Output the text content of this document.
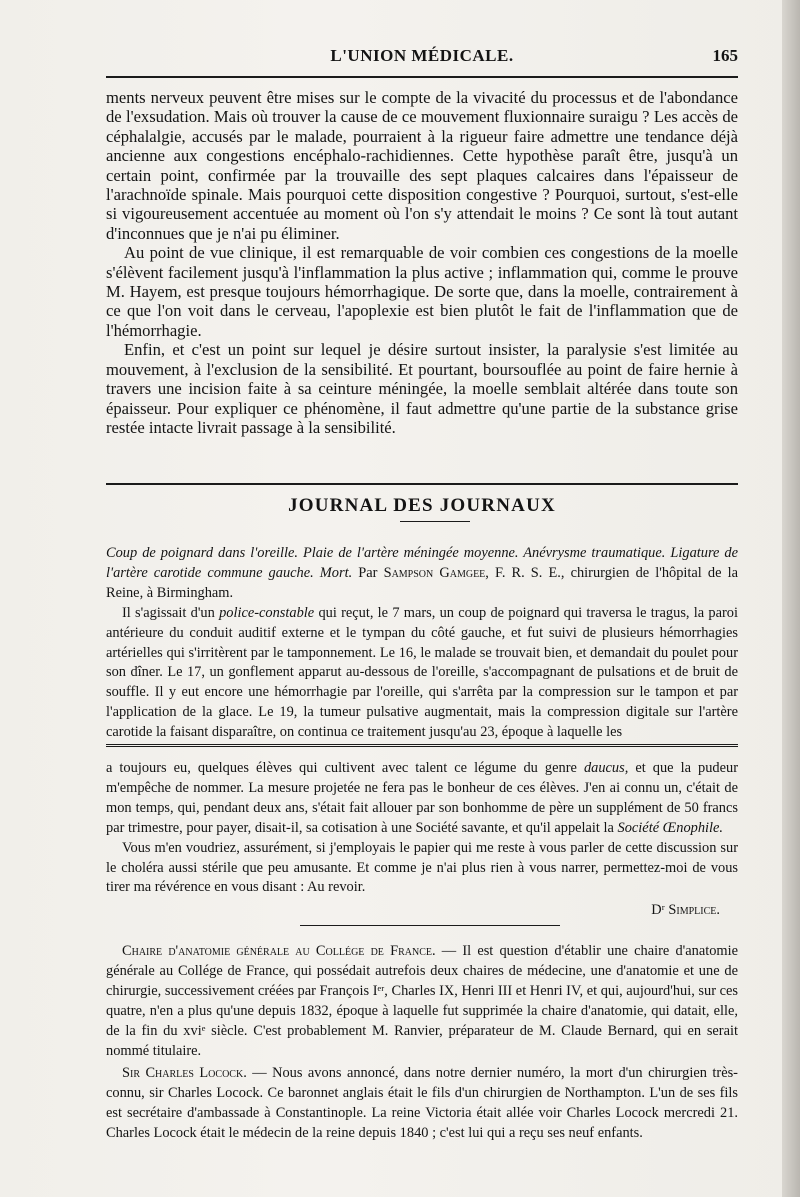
L'UNION MÉDICALE.	165

ments nerveux peuvent être mises sur le compte de la vivacité du processus et de l'abondance de l'exsudation. Mais où trouver la cause de ce mouvement fluxionnaire suraigu ? Les accès de céphalalgie, accusés par le malade, pourraient à la rigueur faire admettre une tendance déjà ancienne aux congestions encéphalo-rachidiennes. Cette hypothèse paraît être, jusqu'à un certain point, confirmée par la trouvaille des sept plaques calcaires dans l'épaisseur de l'arachnoïde spinale. Mais pourquoi cette disposition congestive ? Pourquoi, surtout, s'est-elle si vigoureusement accentuée au moment où l'on s'y attendait le moins ? Ce sont là tout autant d'inconnues que je n'ai pu éliminer.

Au point de vue clinique, il est remarquable de voir combien ces congestions de la moelle s'élèvent facilement jusqu'à l'inflammation la plus active ; inflammation qui, comme le prouve M. Hayem, est presque toujours hémorrhagique. De sorte que, dans la moelle, contrairement à ce que l'on voit dans le cerveau, l'apoplexie est bien plutôt le fait de l'inflammation que de l'hémorrhagie.

Enfin, et c'est un point sur lequel je désire surtout insister, la paralysie s'est limitée au mouvement, à l'exclusion de la sensibilité. Et pourtant, boursouflée au point de faire hernie à travers une incision faite à sa ceinture méningée, la moelle semblait altérée dans toute son épaisseur. Pour expliquer ce phénomène, il faut admettre qu'une partie de la substance grise restée intacte livrait passage à la sensibilité.

JOURNAL DES JOURNAUX

Coup de poignard dans l'oreille. Plaie de l'artère méningée moyenne. Anévrysme traumatique. Ligature de l'artère carotide commune gauche. Mort. Par Sampson Gamgee, F. R. S. E., chirurgien de l'hôpital de la Reine, à Birmingham.

Il s'agissait d'un police-constable qui reçut, le 7 mars, un coup de poignard qui traversa le tragus, la paroi antérieure du conduit auditif externe et le tympan du côté gauche, et fut suivi de plusieurs hémorrhagies artérielles qui s'irritèrent par le tamponnement. Le 16, le malade se trouvait bien, et demandait du poulet pour son dîner. Le 17, un gonflement apparut au-dessous de l'oreille, s'accompagnant de pulsations et de bruit de souffle. Il y eut encore une hémorrhagie par l'oreille, qui s'arrêta par la compression sur le tampon et par l'application de la glace. Le 19, la tumeur pulsative augmentait, mais la compression digitale sur l'artère carotide la faisant disparaître, on continua ce traitement jusqu'au 23, époque à laquelle les

a toujours eu, quelques élèves qui cultivent avec talent ce légume du genre daucus, et que la pudeur m'empêche de nommer. La mesure projetée ne fera pas le bonheur de ces élèves. J'en ai connu un, c'était de mon temps, qui, pendant deux ans, s'était fait allouer par son bonhomme de père un supplément de 50 francs par trimestre, pour payer, disait-il, sa cotisation à une Société savante, et qu'il appelait la Société Œnophile.

Vous m'en voudriez, assurément, si j'employais le papier qui me reste à vous parler de cette discussion sur le choléra aussi stérile que peu amusante. Et comme je n'ai plus rien à vous narrer, permettez-moi de vous tirer ma révérence en vous disant : Au revoir.

Dʳ Simplice.

Chaire d'anatomie générale au Collége de France. — Il est question d'établir une chaire d'anatomie générale au Collége de France, qui possédait autrefois deux chaires de médecine, une d'anatomie et une de chirurgie, successivement créées par François Iᵉʳ, Charles IX, Henri III et Henri IV, et qui, aujourd'hui, sur ces quatre, n'en a plus qu'une depuis 1832, époque à laquelle fut supprimée la chaire d'anatomie, qui datait, elle, de la fin du xviᵉ siècle. C'est probablement M. Ranvier, préparateur de M. Claude Bernard, qui en serait nommé titulaire.

Sir Charles Locock. — Nous avons annoncé, dans notre dernier numéro, la mort d'un chirurgien très-connu, sir Charles Locock. Ce baronnet anglais était le fils d'un chirurgien de Northampton. L'un de ses fils est secrétaire d'ambassade à Constantinople. La reine Victoria était allée voir Charles Locock mercredi 21. Charles Locock était le médecin de la reine depuis 1840 ; c'est lui qui a reçu ses neuf enfants.
